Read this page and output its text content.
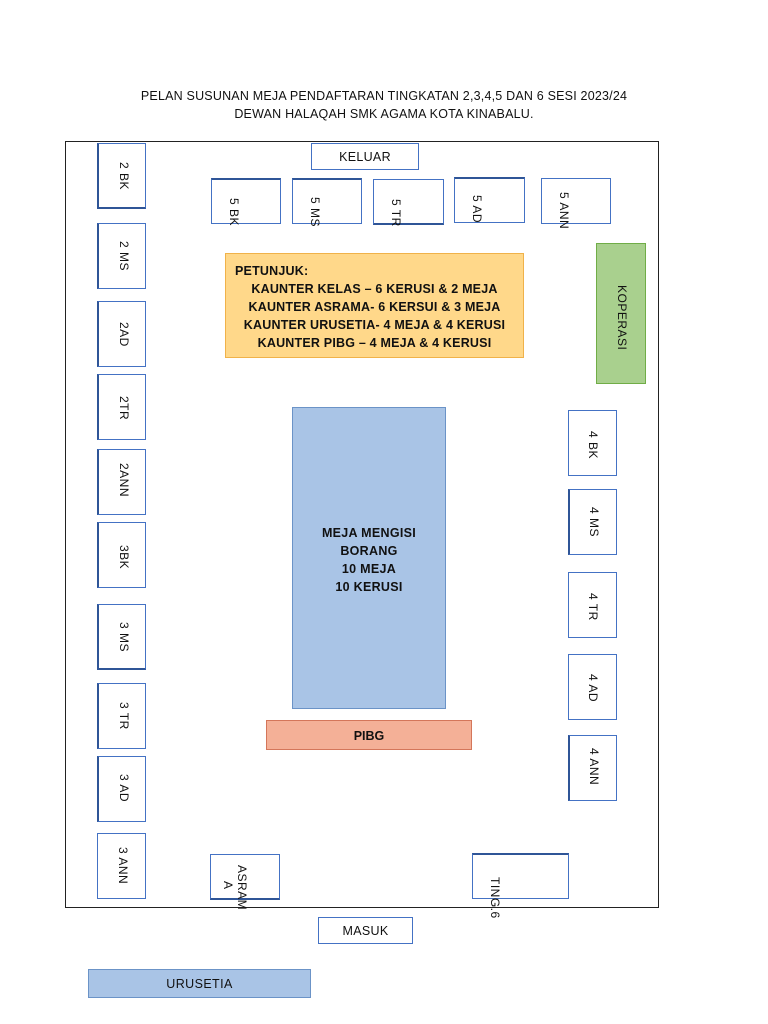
PELAN SUSUNAN MEJA PENDAFTARAN TINGKATAN 2,3,4,5 DAN 6 SESI 2023/24
DEWAN HALAQAH SMK AGAMA KOTA KINABALU.
KELUAR
2 BK
2 MS
2AD
2TR
2ANN
3BK
3 MS
3 TR
3 AD
3 ANN
5 BK	5 MS	5 TR	5 AD	5 ANN
KOPERASI
PETUNJUK:
KAUNTER KELAS – 6 KERUSI & 2 MEJA
KAUNTER ASRAMA- 6 KERSUI & 3 MEJA
KAUNTER URUSETIA- 4 MEJA & 4 KERUSI
KAUNTER PIBG – 4 MEJA & 4 KERUSI
MEJA MENGISI
BORANG
10 MEJA
10 KERUSI
PIBG
4 BK
4 MS
4 TR
4 AD
4 ANN
ASRAM
A	TING.6
MASUK
URUSETIA
